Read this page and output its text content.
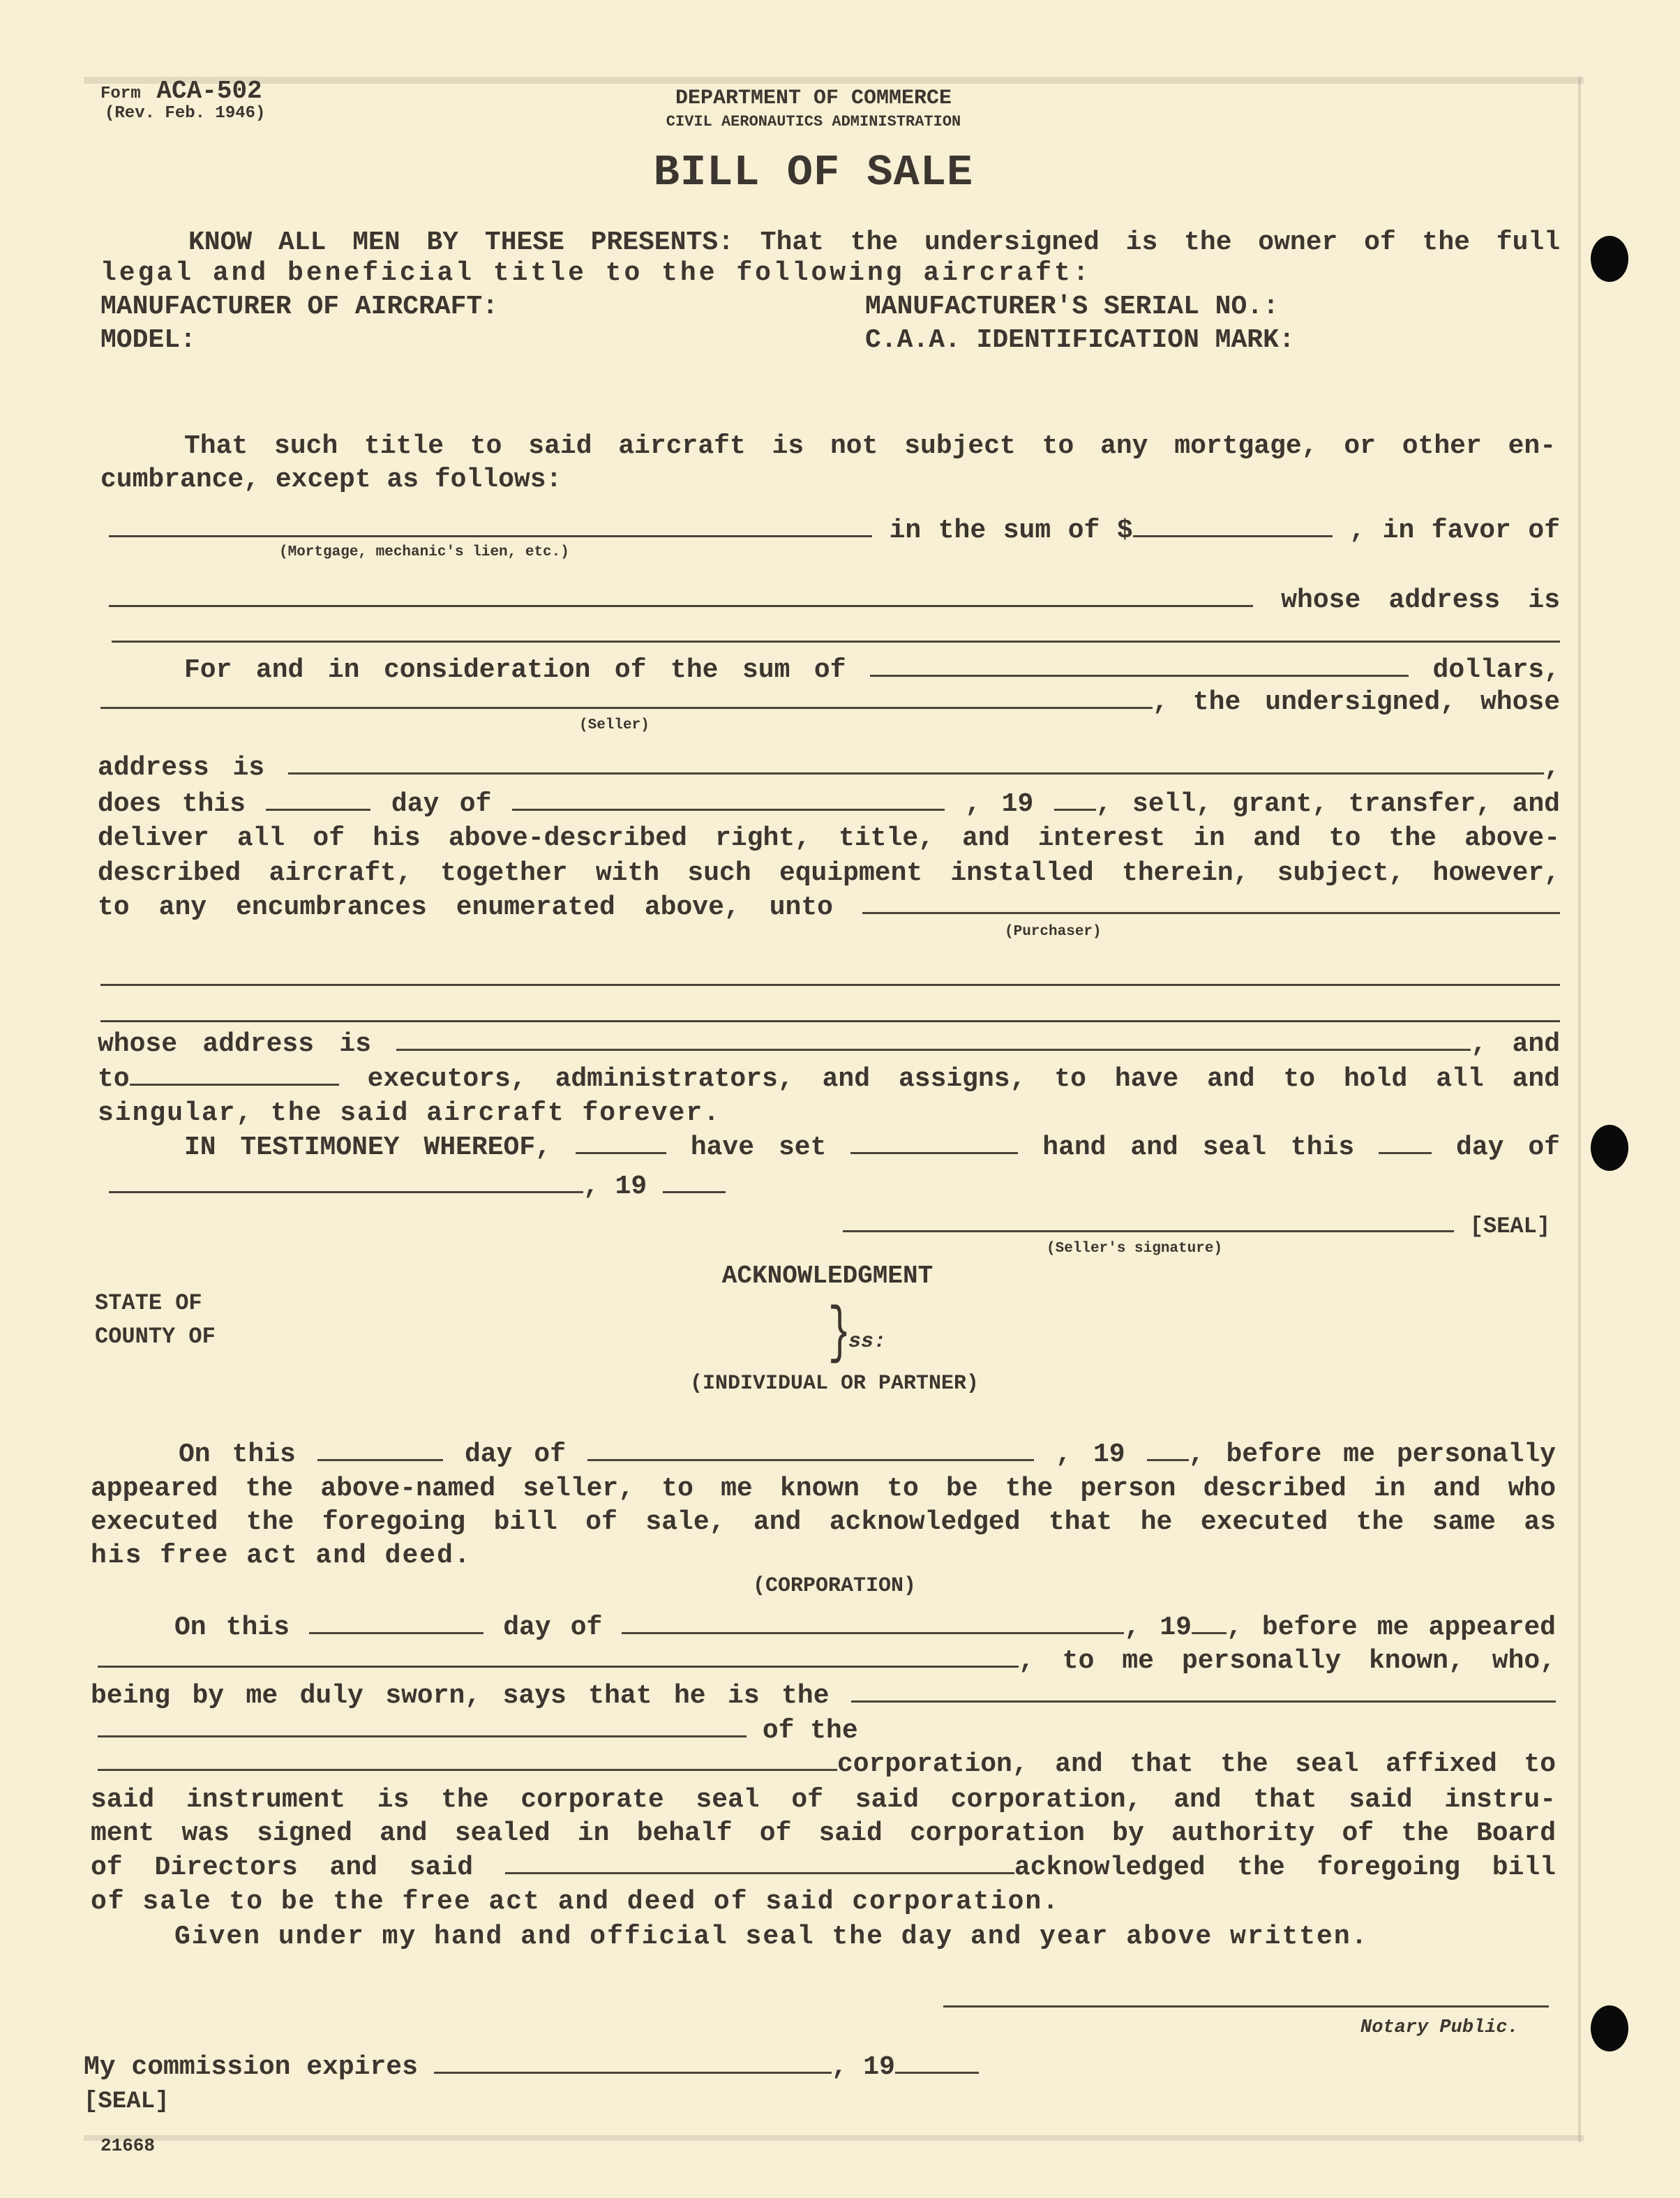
Form ACA-502
(Rev. Feb. 1946)
DEPARTMENT OF COMMERCE
CIVIL AERONAUTICS ADMINISTRATION
BILL OF SALE
KNOW ALL MEN BY THESE PRESENTS: That the undersigned is the owner of the full
legal and beneficial title to the following aircraft:
MANUFACTURER OF AIRCRAFT:	MANUFACTURER'S SERIAL NO.:
MODEL:	C.A.A. IDENTIFICATION MARK:
That such title to said aircraft is not subject to any mortgage, or other en-
cumbrance, except as follows:
in the sum of $	, in favor of
(Mortgage, mechanic's lien, etc.)
whose address is
For and in consideration of the sum of	dollars,
, the undersigned, whose
(Seller)
address is	,
does this	day of	, 19 , sell, grant, transfer, and
deliver all of his above-described right, title, and interest in and to the above-
described aircraft, together with such equipment installed therein, subject, however,
to any encumbrances enumerated above, unto
(Purchaser)
whose address is	, and
to	executors, administrators, and assigns, to have and to hold all and
singular, the said aircraft forever.
IN TESTIMONEY WHEREOF,	have set	hand and seal this	day of
, 19
[SEAL]
(Seller's signature)
ACKNOWLEDGMENT
STATE OF
COUNTY OF	}
ss:
(INDIVIDUAL OR PARTNER)
On this	day of	, 19 , before me personally
appeared the above-named seller, to me known to be the person described in and who
executed the foregoing bill of sale, and acknowledged that he executed the same as
his free act and deed.
(CORPORATION)
On this	day of	, 19 , before me appeared
, to me personally known, who,
being by me duly sworn, says that he is the
of the
corporation, and that the seal affixed to
said instrument is the corporate seal of said corporation, and that said instru-
ment was signed and sealed in behalf of said corporation by authority of the Board
of Directors and said	acknowledged the foregoing bill
of sale to be the free act and deed of said corporation.
Given under my hand and official seal the day and year above written.
Notary Public.
My commission expires	, 19
[SEAL]
21668
